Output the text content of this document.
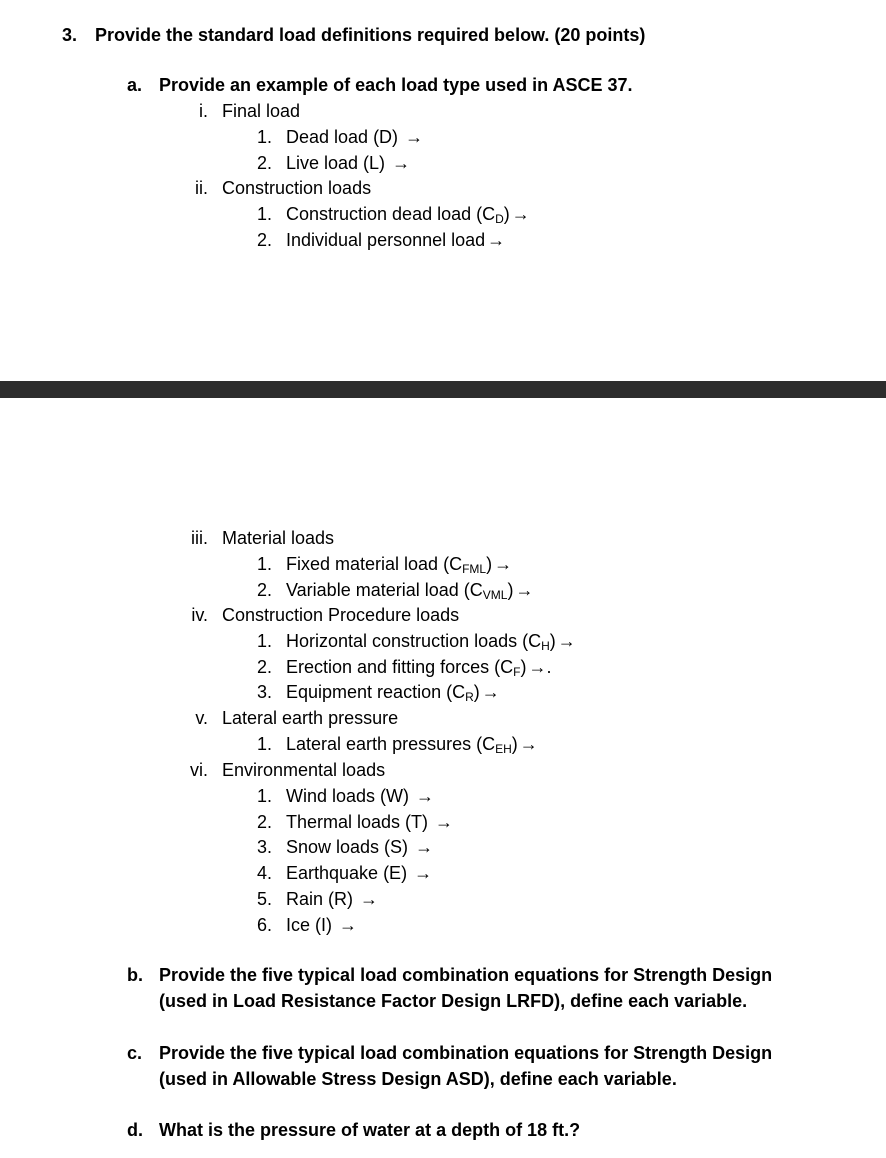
3. Provide the standard load definitions required below. (20 points)
a. Provide an example of each load type used in ASCE 37.
i. Final load
1. Dead load (D) →
2. Live load (L) →
ii. Construction loads
1. Construction dead load $(C_D)$ →
2. Individual personnel load →
iii. Material loads
1. Fixed material load $(C_{FML})$ →
2. Variable material load $(C_{VML})$ →
iv. Construction Procedure loads
1. Horizontal construction loads $(C_H)$ →
2. Erection and fitting forces $(C_F)$ →.
3. Equipment reaction $(C_R)$ →
v. Lateral earth pressure
1. Lateral earth pressures $(C_{EH})$ →
vi. Environmental loads
1. Wind loads (W) →
2. Thermal loads (T) →
3. Snow loads (S) →
4. Earthquake (E) →
5. Rain (R) →
6. Ice (I) →
b. Provide the five typical load combination equations for Strength Design
(used in Load Resistance Factor Design LRFD), define each variable.
c. Provide the five typical load combination equations for Strength Design
(used in Allowable Stress Design ASD), define each variable.
d. What is the pressure of water at a depth of 18 ft.?
